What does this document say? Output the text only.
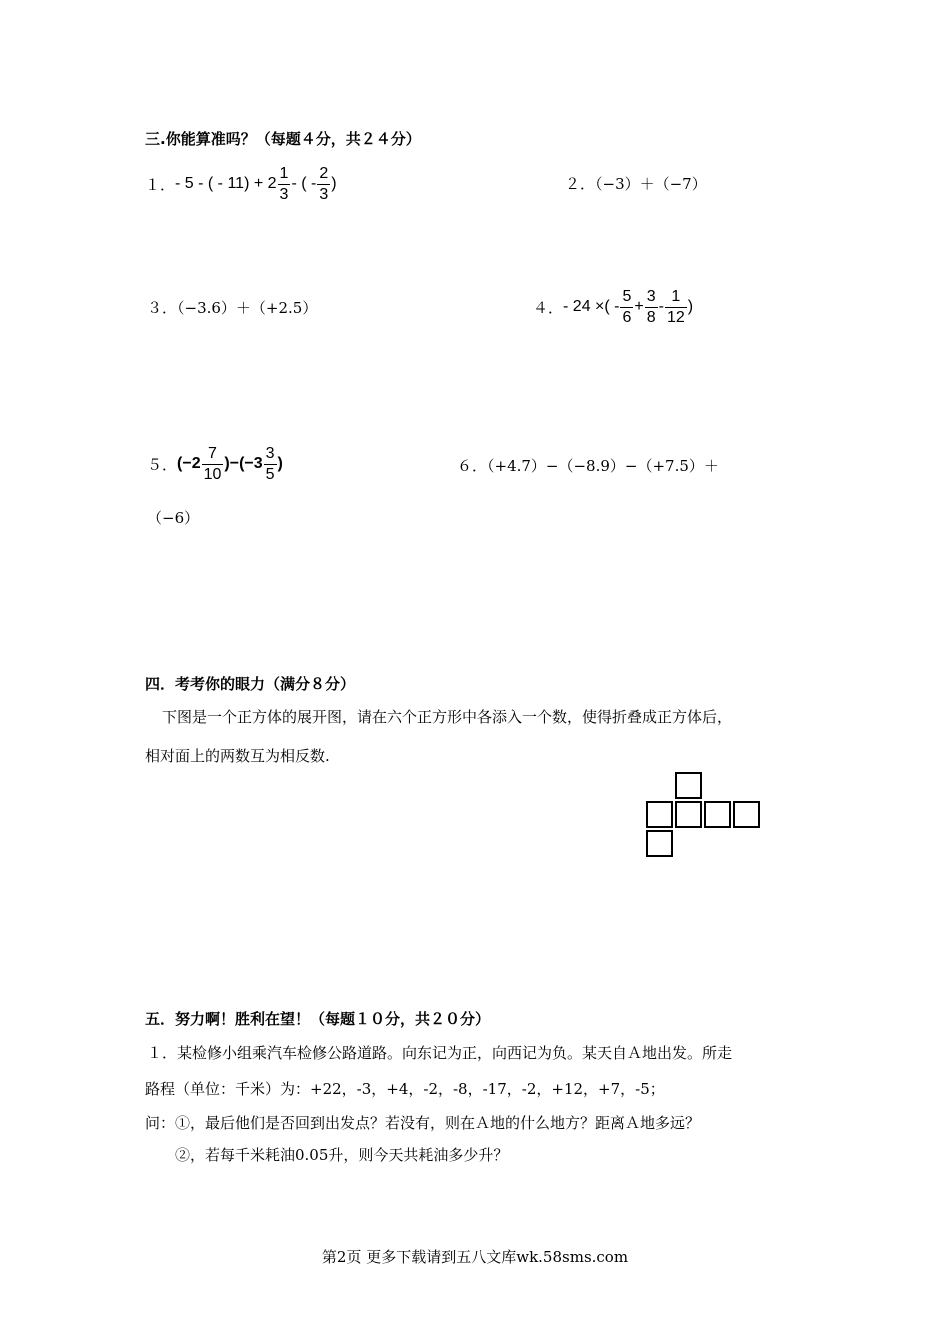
三.你能算准吗？（每题４分，共２４分）
１． - 5 - ( - $11) + 2 \frac{1}{3}$ - ( - $\frac{2}{3}$ )	２．（−3）＋（−7）
３．（−3.6）＋（+2.5）	４． - 24 ×( - $\frac{5}{6} + \frac{3}{8} - \frac{1}{12}$ )
５． $(-2 \frac{7}{10} )-(-3 \frac{3}{5}$ )	６．（+4.7）−（−8.9）−（+7.5）＋
（−6）
四．考考你的眼力（满分８分）
下图是一个正方体的展开图，请在六个正方形中各添入一个数，使得折叠成正方体后，
相对面上的两数互为相反数.
五．努力啊！胜利在望！（每题１０分，共２０分）
１．某检修小组乘汽车检修公路道路。向东记为正，向西记为负。某天自Ａ地出发。所走
路程（单位：千米）为：+22，-3，+4，-2，-8，-17，-2，+12，+7，-5；
问：①，最后他们是否回到出发点？若没有，则在Ａ地的什么地方？距离Ａ地多远？
②，若每千米耗油0.05升，则今天共耗油多少升？
第2页 更多下载请到五八文库wk.58sms.com
